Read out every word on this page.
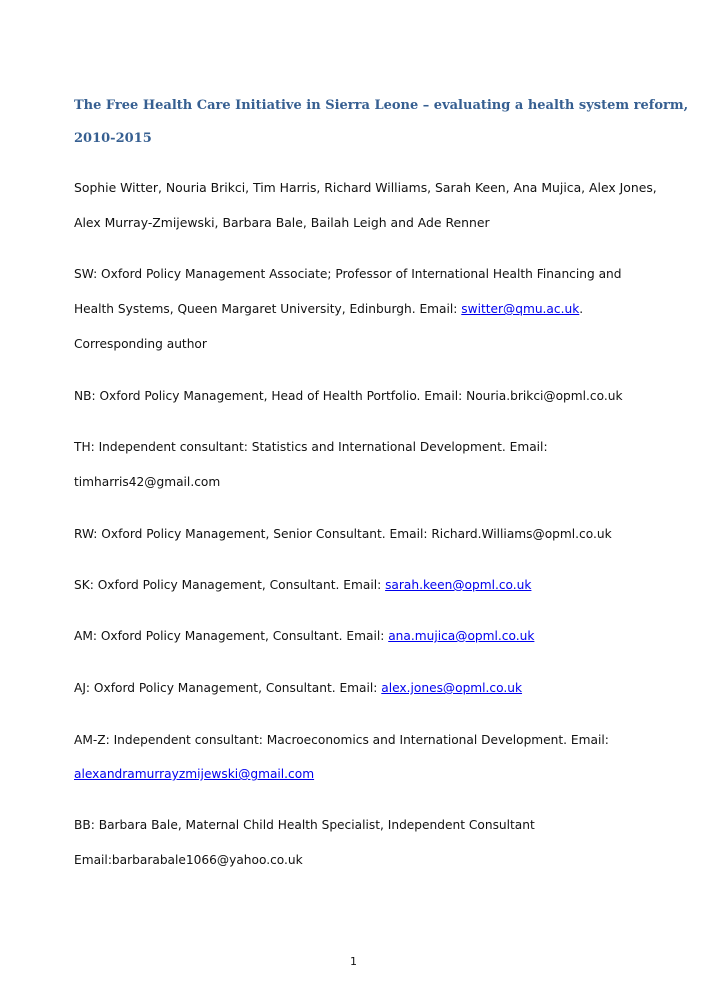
The Free Health Care Initiative in Sierra Leone – evaluating a health system reform,
2010-2015
Sophie Witter, Nouria Brikci, Tim Harris, Richard Williams, Sarah Keen, Ana Mujica, Alex Jones,
Alex Murray-Zmijewski, Barbara Bale, Bailah Leigh and Ade Renner
SW: Oxford Policy Management Associate; Professor of International Health Financing and
Health Systems, Queen Margaret University, Edinburgh. Email: switter@qmu.ac.uk.
Corresponding author
NB: Oxford Policy Management, Head of Health Portfolio. Email: Nouria.brikci@opml.co.uk
TH: Independent consultant: Statistics and International Development. Email:
timharris42@gmail.com
RW: Oxford Policy Management, Senior Consultant. Email: Richard.Williams@opml.co.uk
SK: Oxford Policy Management, Consultant. Email: sarah.keen@opml.co.uk
AM: Oxford Policy Management, Consultant. Email: ana.mujica@opml.co.uk
AJ: Oxford Policy Management, Consultant. Email: alex.jones@opml.co.uk
AM-Z: Independent consultant: Macroeconomics and International Development. Email:
alexandramurrayzmijewski@gmail.com
BB: Barbara Bale, Maternal Child Health Specialist, Independent Consultant
Email:barbarabale1066@yahoo.co.uk
1
